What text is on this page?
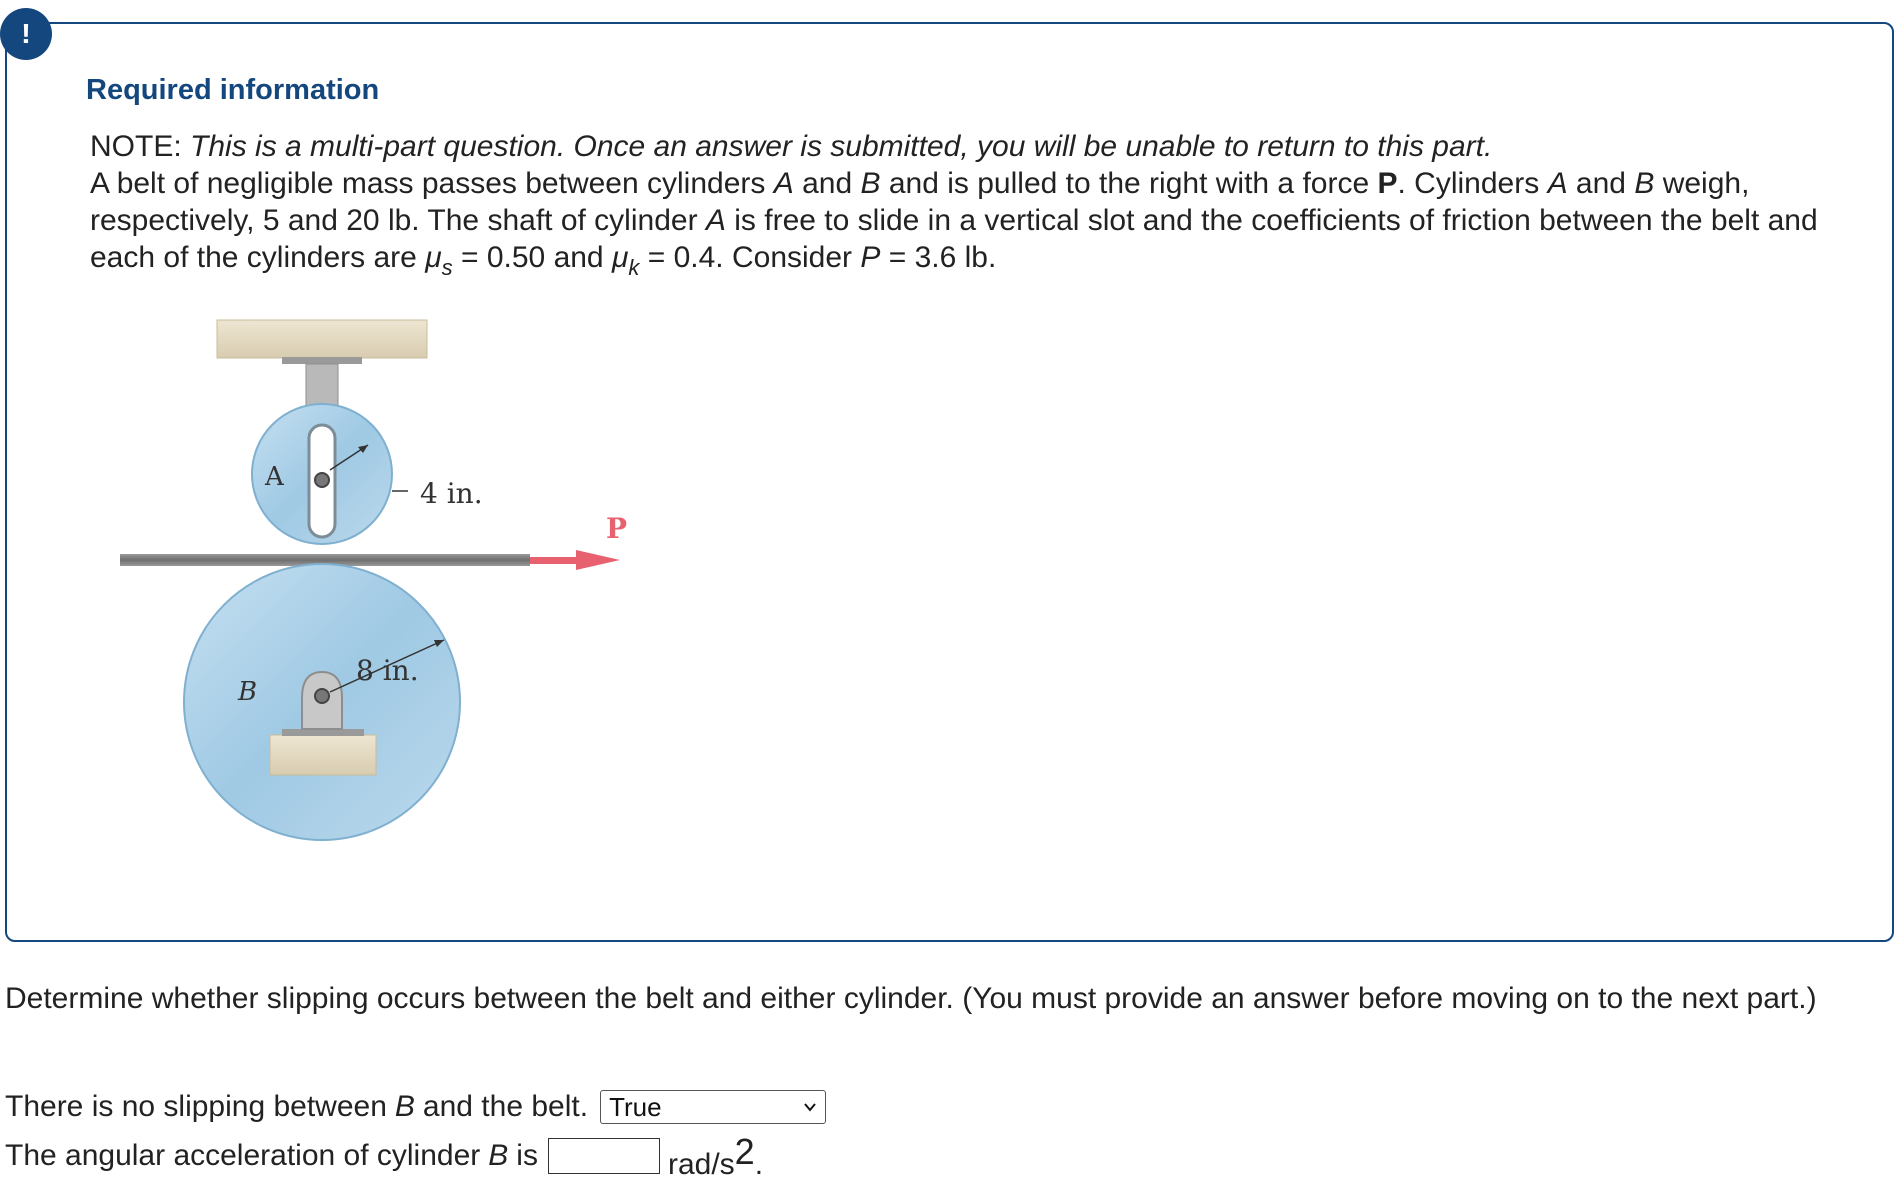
!
Required information

NOTE: This is a multi-part question. Once an answer is submitted, you will be unable to return to this part.
A belt of negligible mass passes between cylinders A and B and is pulled to the right with a force P. Cylinders A and B weigh, respectively, 5 and 20 lb. The shaft of cylinder A is free to slide in a vertical slot and the coefficients of friction between the belt and each of the cylinders are $\mu_s = 0.50$ and $\mu_k = 0.4$. Consider P = 3.6 lb.

4 in.
A
P
8 in.
B

Determine whether slipping occurs between the belt and either cylinder. (You must provide an answer before moving on to the next part.)

There is no slipping between B and the belt. True
The angular acceleration of cylinder B is	rad/s2.
